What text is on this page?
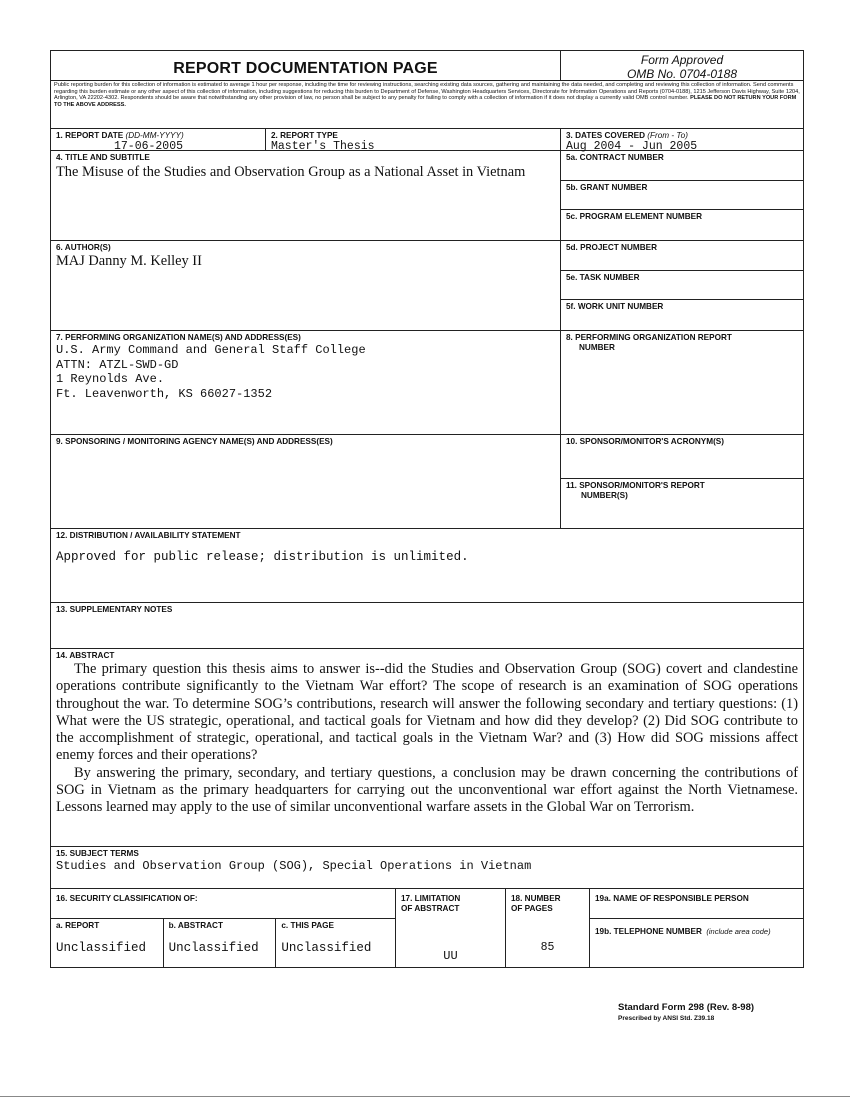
REPORT DOCUMENTATION PAGE	Form Approved
OMB No. 0704-0188
Public reporting burden for this collection of information is estimated to average 1 hour per response, including the time for reviewing instructions, searching existing data sources, gathering and maintaining the data needed, and completing and reviewing this collection of information. Send comments regarding this burden estimate or any other aspect of this collection of information, including suggestions for reducing this burden to Department of Defense, Washington Headquarters Services, Directorate for Information Operations and Reports (0704-0188), 1215 Jefferson Davis Highway, Suite 1204, Arlington, VA 22202-4302. Respondents should be aware that notwithstanding any other provision of law, no person shall be subject to any penalty for failing to comply with a collection of information if it does not display a currently valid OMB control number. PLEASE DO NOT RETURN YOUR FORM TO THE ABOVE ADDRESS.
1. REPORT DATE (DD-MM-YYYY)
17-06-2005
2. REPORT TYPE
Master's Thesis
3. DATES COVERED (From - To)
Aug 2004 - Jun 2005
4. TITLE AND SUBTITLE
The Misuse of the Studies and Observation Group as a National Asset in Vietnam
5a. CONTRACT NUMBER
5b. GRANT NUMBER
5c. PROGRAM ELEMENT NUMBER
6. AUTHOR(S)
MAJ Danny M. Kelley II
5d. PROJECT NUMBER
5e. TASK NUMBER
5f. WORK UNIT NUMBER
7. PERFORMING ORGANIZATION NAME(S) AND ADDRESS(ES)
U.S. Army Command and General Staff College
ATTN: ATZL-SWD-GD
1 Reynolds Ave.
Ft. Leavenworth, KS 66027-1352
8. PERFORMING ORGANIZATION REPORT
NUMBER
9. SPONSORING / MONITORING AGENCY NAME(S) AND ADDRESS(ES)	10. SPONSOR/MONITOR'S ACRONYM(S)
11. SPONSOR/MONITOR'S REPORT
NUMBER(S)
12. DISTRIBUTION / AVAILABILITY STATEMENT
Approved for public release; distribution is unlimited.
13. SUPPLEMENTARY NOTES
14. ABSTRACT

The primary question this thesis aims to answer is--did the Studies and Observation Group (SOG) covert and clandestine operations contribute significantly to the Vietnam War effort? The scope of research is an examination of SOG operations throughout the war. To determine SOG’s contributions, research will answer the following secondary and tertiary questions: (1) What were the US strategic, operational, and tactical goals for Vietnam and how did they develop? (2) Did SOG contribute to the accomplishment of strategic, operational, and tactical goals in the Vietnam War? and (3) How did SOG missions affect enemy forces and their operations?

By answering the primary, secondary, and tertiary questions, a conclusion may be drawn concerning the contributions of SOG in Vietnam as the primary headquarters for carrying out the unconventional war effort against the North Vietnamese. Lessons learned may apply to the use of similar unconventional warfare assets in the Global War on Terrorism.

15. SUBJECT TERMS
Studies and Observation Group (SOG), Special Operations in Vietnam
16. SECURITY CLASSIFICATION OF:
a. REPORT
Unclassified
b. ABSTRACT
Unclassified
c. THIS PAGE
Unclassified
17. LIMITATION
OF ABSTRACT
UU
18. NUMBER
OF PAGES
85
19a. NAME OF RESPONSIBLE PERSON
19b. TELEPHONE NUMBER (include area code)
Standard Form 298 (Rev. 8-98)
Prescribed by ANSI Std. Z39.18
